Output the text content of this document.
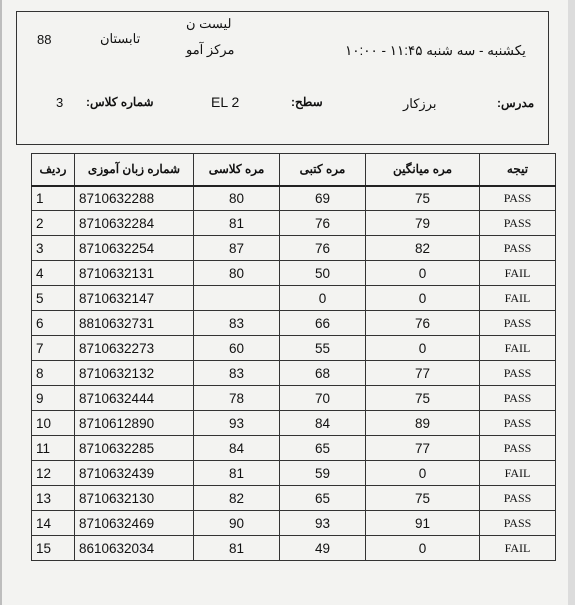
88	تابستان
لیست ن
مرکز آمو	یکشنبه - سه شنبه ۱۱:۴۵ - ۱۰:۰۰
3 شماره کلاس:	EL 2	سطح:	برزکار	مدرس:
ردیف	شماره زبان آموزی	مره کلاسی	مره کتبی	مره میانگین	تیجه
1	8710632288	80	69	75	PASS
2	8710632284	81	76	79	PASS
3	8710632254	87	76	82	PASS
4	8710632131	80	50	0	FAIL
5	8710632147		0	0	FAIL
6	8810632731	83	66	76	PASS
7	8710632273	60	55	0	FAIL
8	8710632132	83	68	77	PASS
9	8710632444	78	70	75	PASS
10	8710612890	93	84	89	PASS
11	8710632285	84	65	77	PASS
12	8710632439	81	59	0	FAIL
13	8710632130	82	65	75	PASS
14	8710632469	90	93	91	PASS
15	8610632034	81	49	0	FAIL
